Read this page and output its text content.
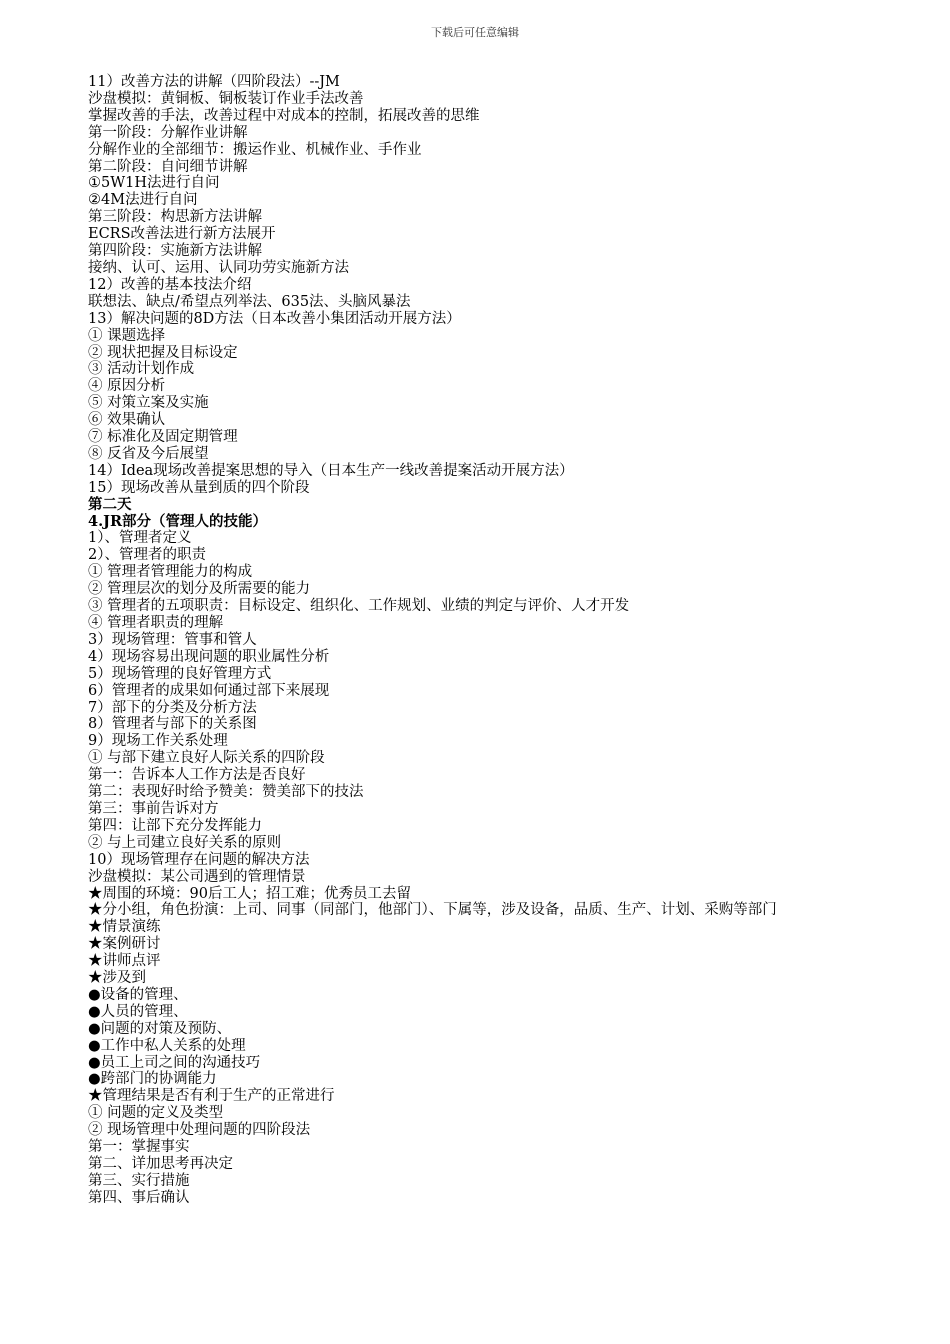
下载后可任意编辑
11）改善方法的讲解（四阶段法）--JM
沙盘模拟：黄铜板、铜板装订作业手法改善
掌握改善的手法，改善过程中对成本的控制，拓展改善的思维
第一阶段：分解作业讲解
分解作业的全部细节：搬运作业、机械作业、手作业
第二阶段：自问细节讲解
①5W1H法进行自问
②4M法进行自问
第三阶段：构思新方法讲解
ECRS改善法进行新方法展开
第四阶段：实施新方法讲解
接纳、认可、运用、认同功劳实施新方法
12）改善的基本技法介绍
联想法、缺点/希望点列举法、635法、头脑风暴法
13）解决问题的8D方法（日本改善小集团活动开展方法）
① 课题选择
② 现状把握及目标设定
③ 活动计划作成
④ 原因分析
⑤ 对策立案及实施
⑥ 效果确认
⑦ 标准化及固定期管理
⑧ 反省及今后展望
14）Idea现场改善提案思想的导入（日本生产一线改善提案活动开展方法）
15）现场改善从量到质的四个阶段
第二天
4.JR部分（管理人的技能）
1）、管理者定义
2）、管理者的职责
① 管理者管理能力的构成
② 管理层次的划分及所需要的能力
③ 管理者的五项职责：目标设定、组织化、工作规划、业绩的判定与评价、人才开发
④ 管理者职责的理解
3）现场管理：管事和管人
4）现场容易出现问题的职业属性分析
5）现场管理的良好管理方式
6）管理者的成果如何通过部下来展现
7）部下的分类及分析方法
8）管理者与部下的关系图
9）现场工作关系处理
① 与部下建立良好人际关系的四阶段
第一：告诉本人工作方法是否良好
第二：表现好时给予赞美：赞美部下的技法
第三：事前告诉对方
第四：让部下充分发挥能力
② 与上司建立良好关系的原则
10）现场管理存在问题的解决方法
沙盘模拟：某公司遇到的管理情景
★周围的环境：90后工人；招工难；优秀员工去留
★分小组，角色扮演：上司、同事（同部门，他部门）、下属等，涉及设备，品质、生产、计划、采购等部门
★情景演练
★案例研讨
★讲师点评
★涉及到
●设备的管理、
●人员的管理、
●问题的对策及预防、
●工作中私人关系的处理
●员工上司之间的沟通技巧
●跨部门的协调能力
★管理结果是否有利于生产的正常进行
① 问题的定义及类型
② 现场管理中处理问题的四阶段法
第一：掌握事实
第二、详加思考再决定
第三、实行措施
第四、事后确认
